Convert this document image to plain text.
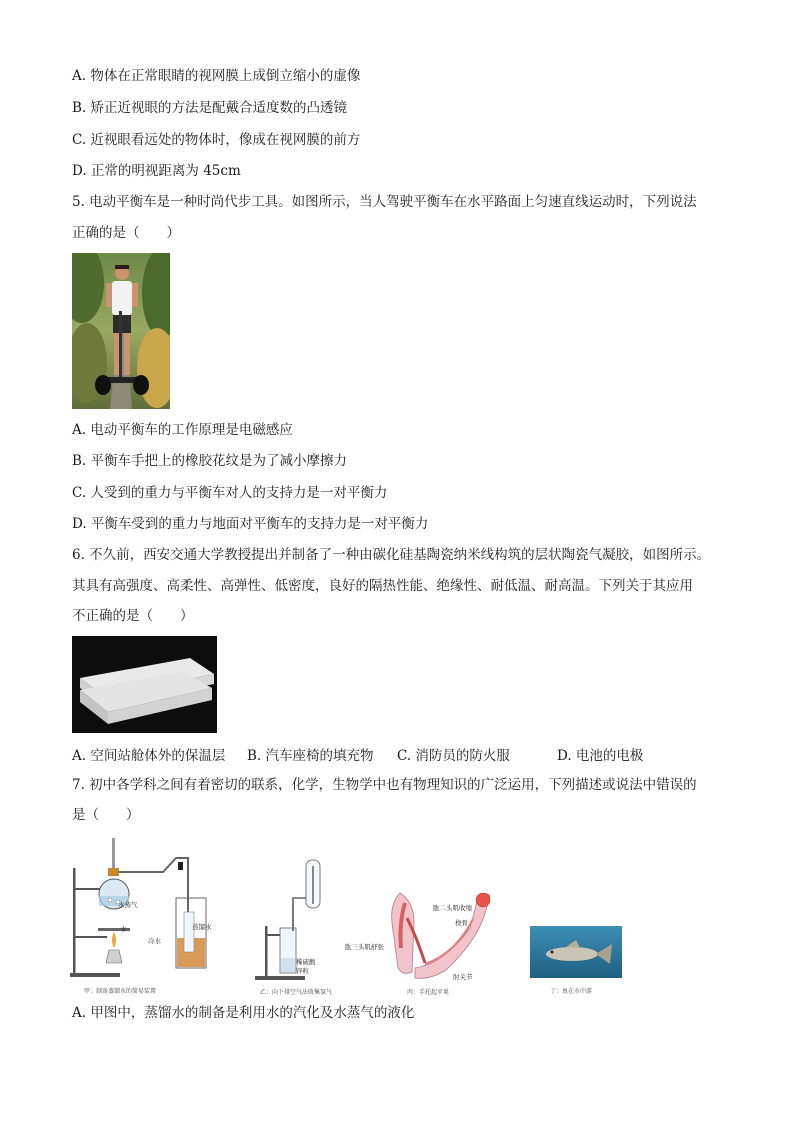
A. 物体在正常眼睛的视网膜上成倒立缩小的虚像
B. 矫正近视眼的方法是配戴合适度数的凸透镜
C. 近视眼看远处的物体时，像成在视网膜的前方
D. 正常的明视距离为 45cm
5. 电动平衡车是一种时尚代步工具。如图所示，当人驾驶平衡车在水平路面上匀速直线运动时，下列说法
正确的是（　　）
A. 电动平衡车的工作原理是电磁感应
B. 平衡车手把上的橡胶花纹是为了减小摩擦力
C. 人受到的重力与平衡车对人的支持力是一对平衡力
D. 平衡车受到的重力与地面对平衡车的支持力是一对平衡力
6. 不久前，西安交通大学教授提出并制备了一种由碳化硅基陶瓷纳米线构筑的层状陶瓷气凝胶，如图所示。
其具有高强度、高柔性、高弹性、低密度，良好的隔热性能、绝缘性、耐低温、耐高温。下列关于其应用
不正确的是（　　）
A. 空间站舱体外的保温层 B. 汽车座椅的填充物 C. 消防员的防火服	D. 电池的电极
7. 初中各学科之间有着密切的联系，化学，生物学中也有物理知识的广泛运用，下列描述或说法中错误的
是（　　）
水蒸气
水
冷水
蒸馏水
甲：制备蒸馏水的简易装置
稀硫酸
锌粒
乙：向下排空气法收集氢气
肱二头肌收缩
桡骨
肱三头肌舒张
肘关节
丙：手托起苹果	丁：鱼在水中游
A. 甲图中，蒸馏水的制备是利用水的汽化及水蒸气的液化
